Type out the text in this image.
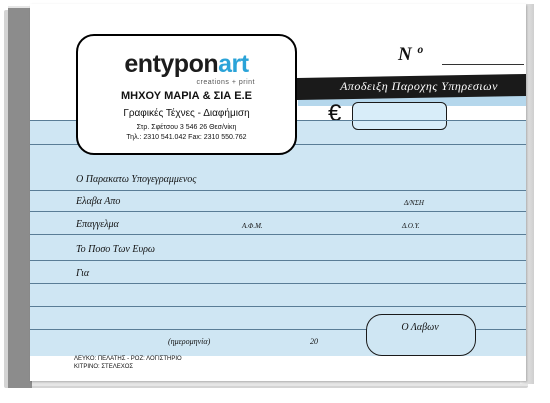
Αποδειξη Παροχης Υπηρεσιων
N º
€
Ο Παρακατω Υπογεγραμμενος
Ελαβα Απο	Δ/ΝΣΗ
Επαγγελμα	Α.Φ.Μ.	Δ.Ο.Υ.
Το Ποσο Των Ευρω
Για
(ημερομηνία)	20
Ο Λαβων
ΛΕΥΚΟ: ΠΕΛΑΤΗΣ - ΡΟΖ: ΛΟΓΙΣΤΗΡΙΟ
ΚΙΤΡΙΝΟ: ΣΤΕΛΕΧΟΣ
entyponart
creations + print
ΜΗΧΟΥ ΜΑΡΙΑ & ΣΙΑ Ε.Ε
Γραφικές Τέχνες - Διαφήμιση
Στρ. Σφέτσου 3 546 26 Θεσ/νίκη
Τηλ.: 2310 541.042 Fax: 2310 550.762
